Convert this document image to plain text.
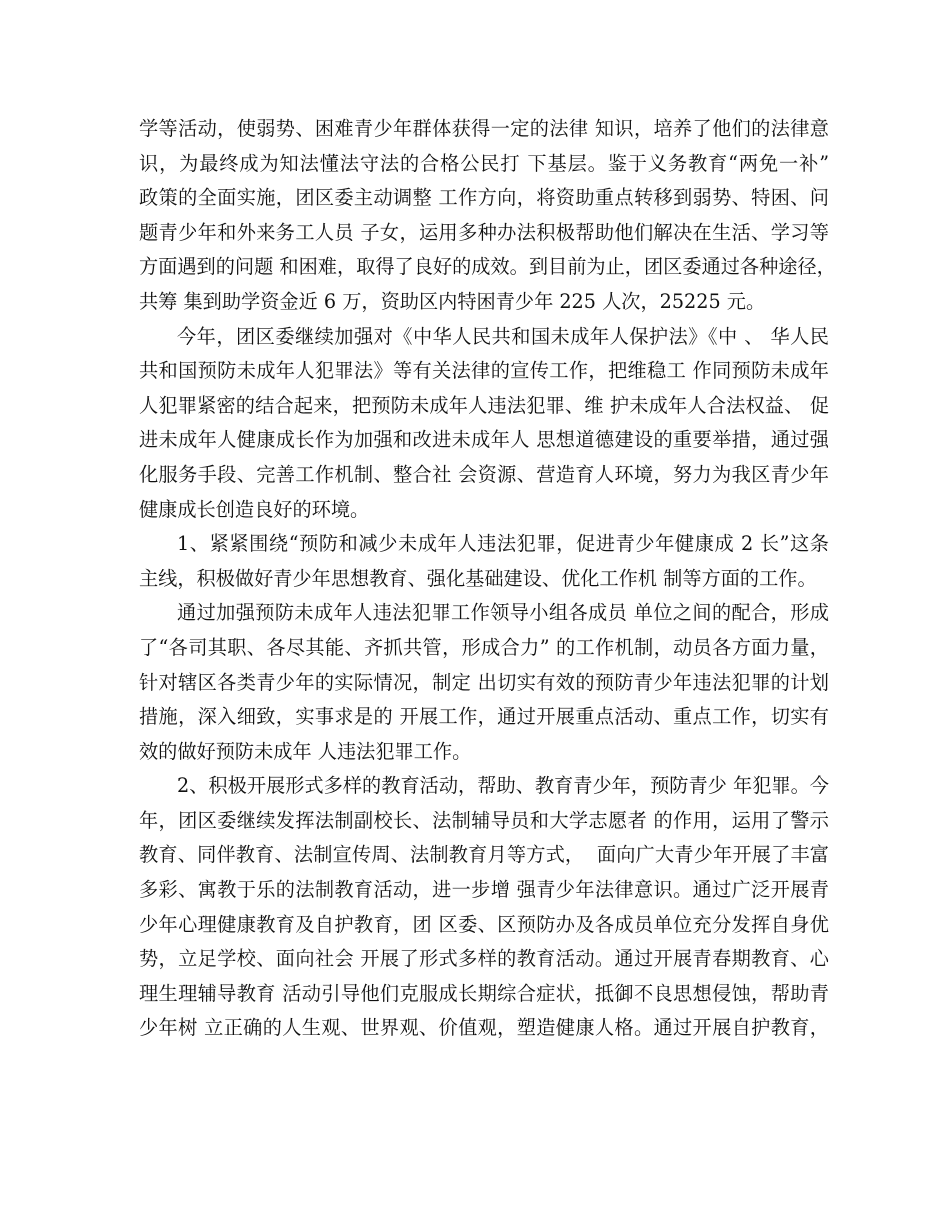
学等活动，使弱势、困难青少年群体获得一定的法律 知识，培养了他们的法律意
识，为最终成为知法懂法守法的合格公民打 下基层。鉴于义务教育“两免一补”
政策的全面实施，团区委主动调整 工作方向，将资助重点转移到弱势、特困、问
题青少年和外来务工人员 子女，运用多种办法积极帮助他们解决在生活、学习等
方面遇到的问题 和困难，取得了良好的成效。到目前为止，团区委通过各种途径，
共筹 集到助学资金近 6 万，资助区内特困青少年 225 人次，25225 元。
今年，团区委继续加强对《中华人民共和国未成年人保护法》《中 、 华人民
共和国预防未成年人犯罪法》等有关法律的宣传工作，把维稳工 作同预防未成年
人犯罪紧密的结合起来，把预防未成年人违法犯罪、维 护未成年人合法权益、 促
进未成年人健康成长作为加强和改进未成年人 思想道德建设的重要举措，通过强
化服务手段、完善工作机制、整合社 会资源、营造育人环境，努力为我区青少年
健康成长创造良好的环境。
1、紧紧围绕“预防和减少未成年人违法犯罪，促进青少年健康成 2 长”这条
主线，积极做好青少年思想教育、强化基础建设、优化工作机 制等方面的工作。
通过加强预防未成年人违法犯罪工作领导小组各成员 单位之间的配合，形成
了“各司其职、各尽其能、齐抓共管，形成合力” 的工作机制，动员各方面力量，
针对辖区各类青少年的实际情况，制定 出切实有效的预防青少年违法犯罪的计划
措施，深入细致，实事求是的 开展工作，通过开展重点活动、重点工作，切实有
效的做好预防未成年 人违法犯罪工作。
2、积极开展形式多样的教育活动，帮助、教育青少年，预防青少 年犯罪。今
年，团区委继续发挥法制副校长、法制辅导员和大学志愿者 的作用，运用了警示
教育、同伴教育、法制宣传周、法制教育月等方式，  面向广大青少年开展了丰富
多彩、寓教于乐的法制教育活动，进一步增 强青少年法律意识。通过广泛开展青
少年心理健康教育及自护教育，团 区委、区预防办及各成员单位充分发挥自身优
势，立足学校、面向社会 开展了形式多样的教育活动。通过开展青春期教育、心
理生理辅导教育 活动引导他们克服成长期综合症状，抵御不良思想侵蚀，帮助青
少年树 立正确的人生观、世界观、价值观，塑造健康人格。通过开展自护教育，
